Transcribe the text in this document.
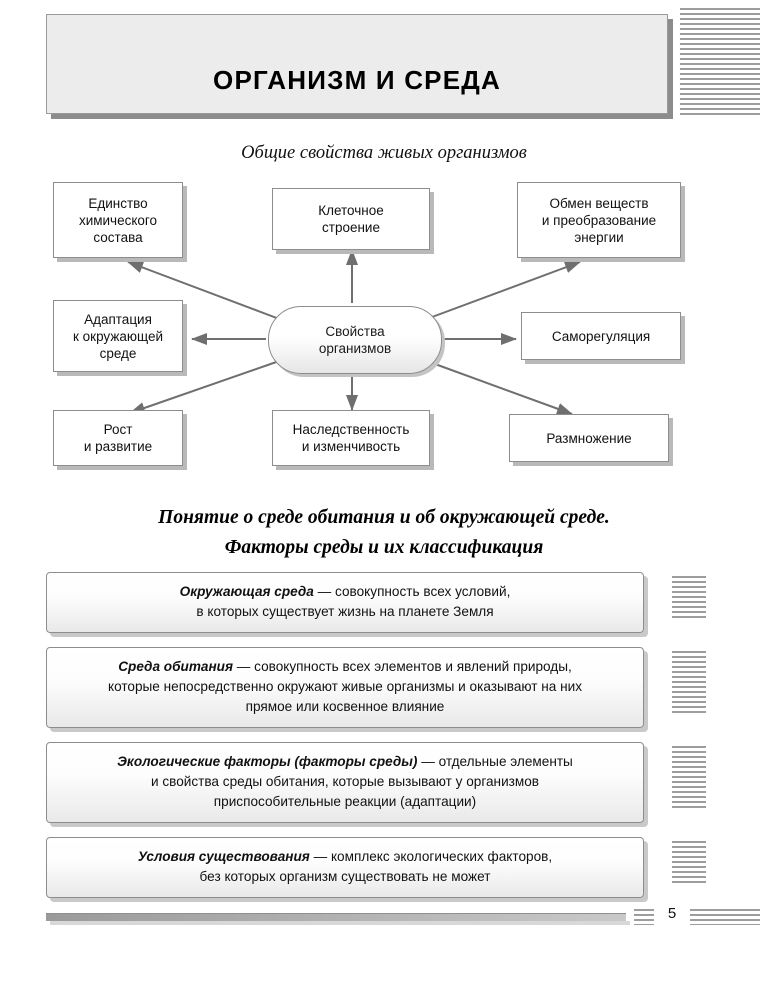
ОРГАНИЗМ И СРЕДА
Общие свойства живых организмов
Свойства
организмов
Единство
химического
состава
Клеточное
строение
Обмен веществ
и преобразование
энергии
Адаптация
к окружающей
среде
Саморегуляция
Рост
и развитие
Наследственность
и изменчивость
Размножение
Понятие о среде обитания и об окружающей среде.
Факторы среды и их классификация
Окружающая среда — совокупность всех условий,
в которых существует жизнь на планете Земля
Среда обитания — совокупность всех элементов и явлений природы,
которые непосредственно окружают живые организмы и оказывают на них
прямое или косвенное влияние
Экологические факторы (факторы среды) — отдельные элементы
и свойства среды обитания, которые вызывают у организмов
приспособительные реакции (адаптации)
Условия существования — комплекс экологических факторов,
без которых организм существовать не может
5
